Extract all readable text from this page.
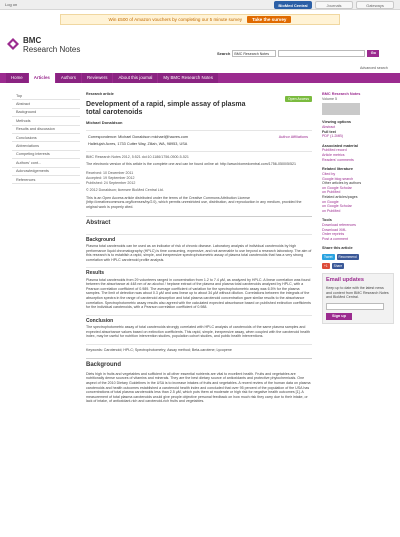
Log on	BioMed Central	Journals	Gateways
Win £500 of Amazon vouchers by completing our 5 minute survey	Take the survey
BMC
Research Notes	Search	BMC Research Notes	Go
Advanced search
Home	Articles	Authors	Reviewers	About this journal	My BMC Research Notes
Top
Abstract
Background
Methods
Results and discussion
Conclusions
Abbreviations
Competing interests
Authors' cont...
Acknowledgements
References
Research article
Open Access
Development of a rapid, simple assay of plasma total carotenoids
Michael Donaldson
Correspondence: Michael Donaldson michael@hacres.com	Author Affiliations
Hallelujah Acres, 1733 Cutter Way, Zillah, WA, 98953, USA
BMC Research Notes 2012, 5:521 doi:10.1186/1756-0500-5-521
The electronic version of this article is the complete one and can be found online at: http://www.biomedcentral.com/1756-0500/5/521
Received: 10 December 2011
Accepted: 19 September 2012
Published: 24 September 2012
© 2012 Donaldson; licensee BioMed Central Ltd.
This is an Open Access article distributed under the terms of the Creative Commons Attribution License (http://creativecommons.org/licenses/by/2.0), which permits unrestricted use, distribution, and reproduction in any medium, provided the original work is properly cited.
Abstract
Background
Plasma total carotenoids can be used as an indicator of risk of chronic disease. Laboratory analysis of individual carotenoids by high performance liquid chromatography (HPLC) is time consuming, expensive, and not amenable to use beyond a research laboratory. The aim of this research is to establish a rapid, simple, and inexpensive spectrophotometric assay of plasma total carotenoids that has a very strong correlation with HPLC carotenoid profile analysis.
Results
Plasma total carotenoids from 29 volunteers ranged in concentration from 1.2 to 7.4 µM, as analyzed by HPLC. A linear correlation was found between the absorbance at 448 nm of an alcohol / heptane extract of the plasma and plasma total carotenoids analyzed by HPLC, with a Pearson correlation coefficient of 0.989. The average coefficient of variation for the spectrophotometric assay was 6.5% for the plasma samples. The limit of detection was about 0.3 µM and was linear up to about 34 µM without dilution. Correlations between the integrals of the absorption spectra in the range of carotenoid absorption and total plasma carotenoid concentration gave similar results to the absorbance correlation. Spectrophotometric assay results also agreed with the calculated expected absorbance based on published extinction coefficients for the individual carotenoids, with a Pearson correlation coefficient of 0.988.
Conclusion
The spectrophotometric assay of total carotenoids strongly correlated with HPLC analysis of carotenoids of the same plasma samples and expected absorbance values based on extinction coefficients. This rapid, simple, inexpensive assay, when coupled with the carotenoid health index, may be useful for nutrition intervention studies, population cohort studies, and public health interventions.
Keywords: Carotenoid; HPLC; Spectrophotometry; Assay method; Beta-carotene; Lycopene
Background
Diets high in fruits and vegetables and sufficient in all other essential nutrients are vital to excellent health. Fruits and vegetables are nutritionally dense sources of vitamins and minerals. They are the best dietary source of antioxidants and protective phytochemicals. One aspect of the 2010 Dietary Guidelines in the USA is to increase intakes of fruits and vegetables. A recent review of the human data on plasma carotenoids and health outcomes established a carotenoid health index and concluded that over 95 percent of the population of the USA has concentrations of total plasma carotenoids less than 2.5 µM, which puts them at moderate or high risk for negative health outcomes [1]. A measurement of total plasma carotenoids would give people objective personal feedback on how much risk they carry due to their intake, or lack of intake, of antioxidant-rich and carotenoid-rich fruits and vegetables.
BMC Research Notes
Volume 5
Viewing options
Abstract
Full text
PDF (1.2MB)
Associated material
PubMed record
Article metrics
Readers' comments
Related literature
Cited by
Google blog search
Other articles by authors
on Google Scholar
on PubMed
Related articles/pages
on Google
on Google Scholar
on PubMed
Tools
Download references
Download XML
Order reprints
Post a comment
Share this article
Tweet	Recommend
+1	Share
Email updates
Keep up to date with the latest news and content from BMC Research Notes and BioMed Central.
Sign up
